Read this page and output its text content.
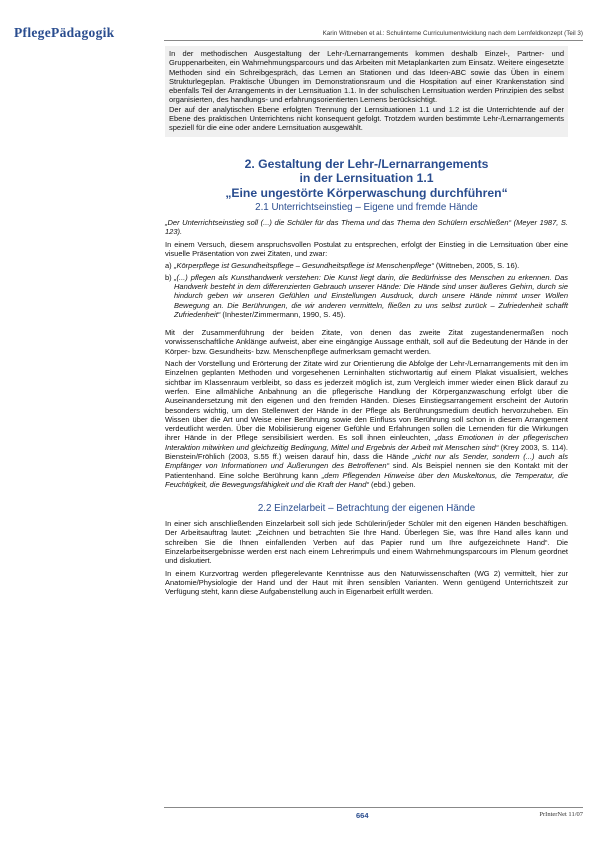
PflegePädagogik	Karin Wittneben et al.: Schulinterne Curriculumentwicklung nach dem Lernfeldkonzept (Teil 3)

In der methodischen Ausgestaltung der Lehr-/Lernarrangements kommen deshalb Einzel-, Partner- und Gruppenarbeiten, ein Wahrnehmungsparcours und das Arbeiten mit Metaplankarten zum Einsatz. Weitere eingesetzte Methoden sind ein Schreibgespräch, das Lernen an Stationen und das Ideen-ABC sowie das Üben in einem Strukturlegeplan. Praktische Übungen im Demonstrationsraum und die Hospitation auf einer Krankenstation sind ebenfalls Teil der Arrangements in der Lernsituation 1.1. In der schulischen Lernsituation werden Prinzipien des selbst organisierten, des handlungs- und erfahrungsorientierten Lernens berücksichtigt.

Der auf der analytischen Ebene erfolgten Trennung der Lernsituationen 1.1 und 1.2 ist die Unterrichtende auf der Ebene des praktischen Unterrichtens nicht konsequent gefolgt. Trotzdem wurden bestimmte Lehr-/Lernarrangements speziell für die eine oder andere Lernsituation ausgewählt.

2. Gestaltung der Lehr-/Lernarrangements
in der Lernsituation 1.1
„Eine ungestörte Körperwaschung durchführen“
2.1 Unterrichtseinstieg – Eigene und fremde Hände

„Der Unterrichtseinstieg soll (...) die Schüler für das Thema und das Thema den Schülern erschließen“ (Meyer 1987, S. 123).

In einem Versuch, diesem anspruchsvollen Postulat zu entsprechen, erfolgt der Einstieg in die Lernsituation über eine visuelle Präsentation von zwei Zitaten, und zwar:

a) „Körperpflege ist Gesundheitspflege – Gesundheitspflege ist Menschenpflege“ (Wittneben, 2005, S. 16).
b) „(...) pflegen als Kunsthandwerk verstehen: Die Kunst liegt darin, die Bedürfnisse des Menschen zu erkennen. Das Handwerk besteht in dem differenzierten Gebrauch unserer Hände: Die Hände sind unser äußeres Gehirn, durch sie hindurch geben wir unseren Gefühlen und Einstellungen Ausdruck, durch unsere Hände nimmt unser Wollen Bewegung an. Die Berührungen, die wir anderen vermitteln, fließen zu uns selbst zurück – Zufriedenheit schafft Zufriedenheit“ (Inhester/Zimmermann, 1990, S. 45).

Mit der Zusammenführung der beiden Zitate, von denen das zweite Zitat zugestandenermaßen noch vorwissenschaftliche Anklänge aufweist, aber eine eingängige Aussage enthält, soll auf die Bedeutung der Hände in der Körper- bzw. Gesundheits- bzw. Menschenpflege aufmerksam gemacht werden.

Nach der Vorstellung und Erörterung der Zitate wird zur Orientierung die Abfolge der Lehr-/Lernarrangements mit den im Einzelnen geplanten Methoden und vorgesehenen Lerninhalten stichwortartig auf einem Plakat visualisiert, welches sichtbar im Klassenraum verbleibt, so dass es jederzeit möglich ist, zum Vergleich immer wieder einen Blick darauf zu werfen. Eine allmähliche Anbahnung an die pflegerische Handlung der Körperganzwaschung erfolgt über die Auseinandersetzung mit den eigenen und den fremden Händen. Dieses Einstiegsarrangement erscheint der Autorin besonders wichtig, um den Stellenwert der Hände in der Pflege als Berührungsmedium deutlich hervorzuheben. Ein Wissen über die Art und Weise einer Berührung sowie den Einfluss von Berührung soll schon in diesem Arrangement verdeutlicht werden. Über die Mobilisierung eigener Gefühle und Erfahrungen sollen die Lernenden für die Wirkungen ihrer Hände in der Pflege sensibilisiert werden. Es soll ihnen einleuchten, „dass Emotionen in der pflegerischen Interaktion mitwirken und gleichzeitig Bedingung, Mittel und Ergebnis der Arbeit mit Menschen sind“ (Krey 2003, S. 114). Bienstein/Fröhlich (2003, S.55 ff.) weisen darauf hin, dass die Hände „nicht nur als Sender, sondern (...) auch als Empfänger von Informationen und Äußerungen des Betroffenen“ sind. Als Beispiel nennen sie den Kontakt mit der Patientenhand. Eine solche Berührung kann „dem Pflegenden Hinweise über den Muskeltonus, die Temperatur, die Feuchtigkeit, die Bewegungsfähigkeit und die Kraft der Hand“ (ebd.) geben.

2.2 Einzelarbeit – Betrachtung der eigenen Hände

In einer sich anschließenden Einzelarbeit soll sich jede Schülerin/jeder Schüler mit den eigenen Händen beschäftigen. Der Arbeitsauftrag lautet: „Zeichnen und betrachten Sie Ihre Hand. Überlegen Sie, was Ihre Hand alles kann und schreiben Sie die Ihnen einfallenden Verben auf das Papier rund um Ihre aufgezeichnete Hand“. Die Einzelarbeitsergebnisse werden erst nach einem Lehrerimpuls und einem Wahrnehmungsparcours im Plenum geordnet und diskutiert.

In einem Kurzvortrag werden pflegerelevante Kenntnisse aus den Naturwissenschaften (WG 2) vermittelt, hier zur Anatomie/Physiologie der Hand und der Haut mit ihren sensiblen Varianten. Wenn genügend Unterrichtszeit zur Verfügung steht, kann diese Aufgabenstellung auch in Eigenarbeit erfüllt werden.

664	PrInterNet 11/07
